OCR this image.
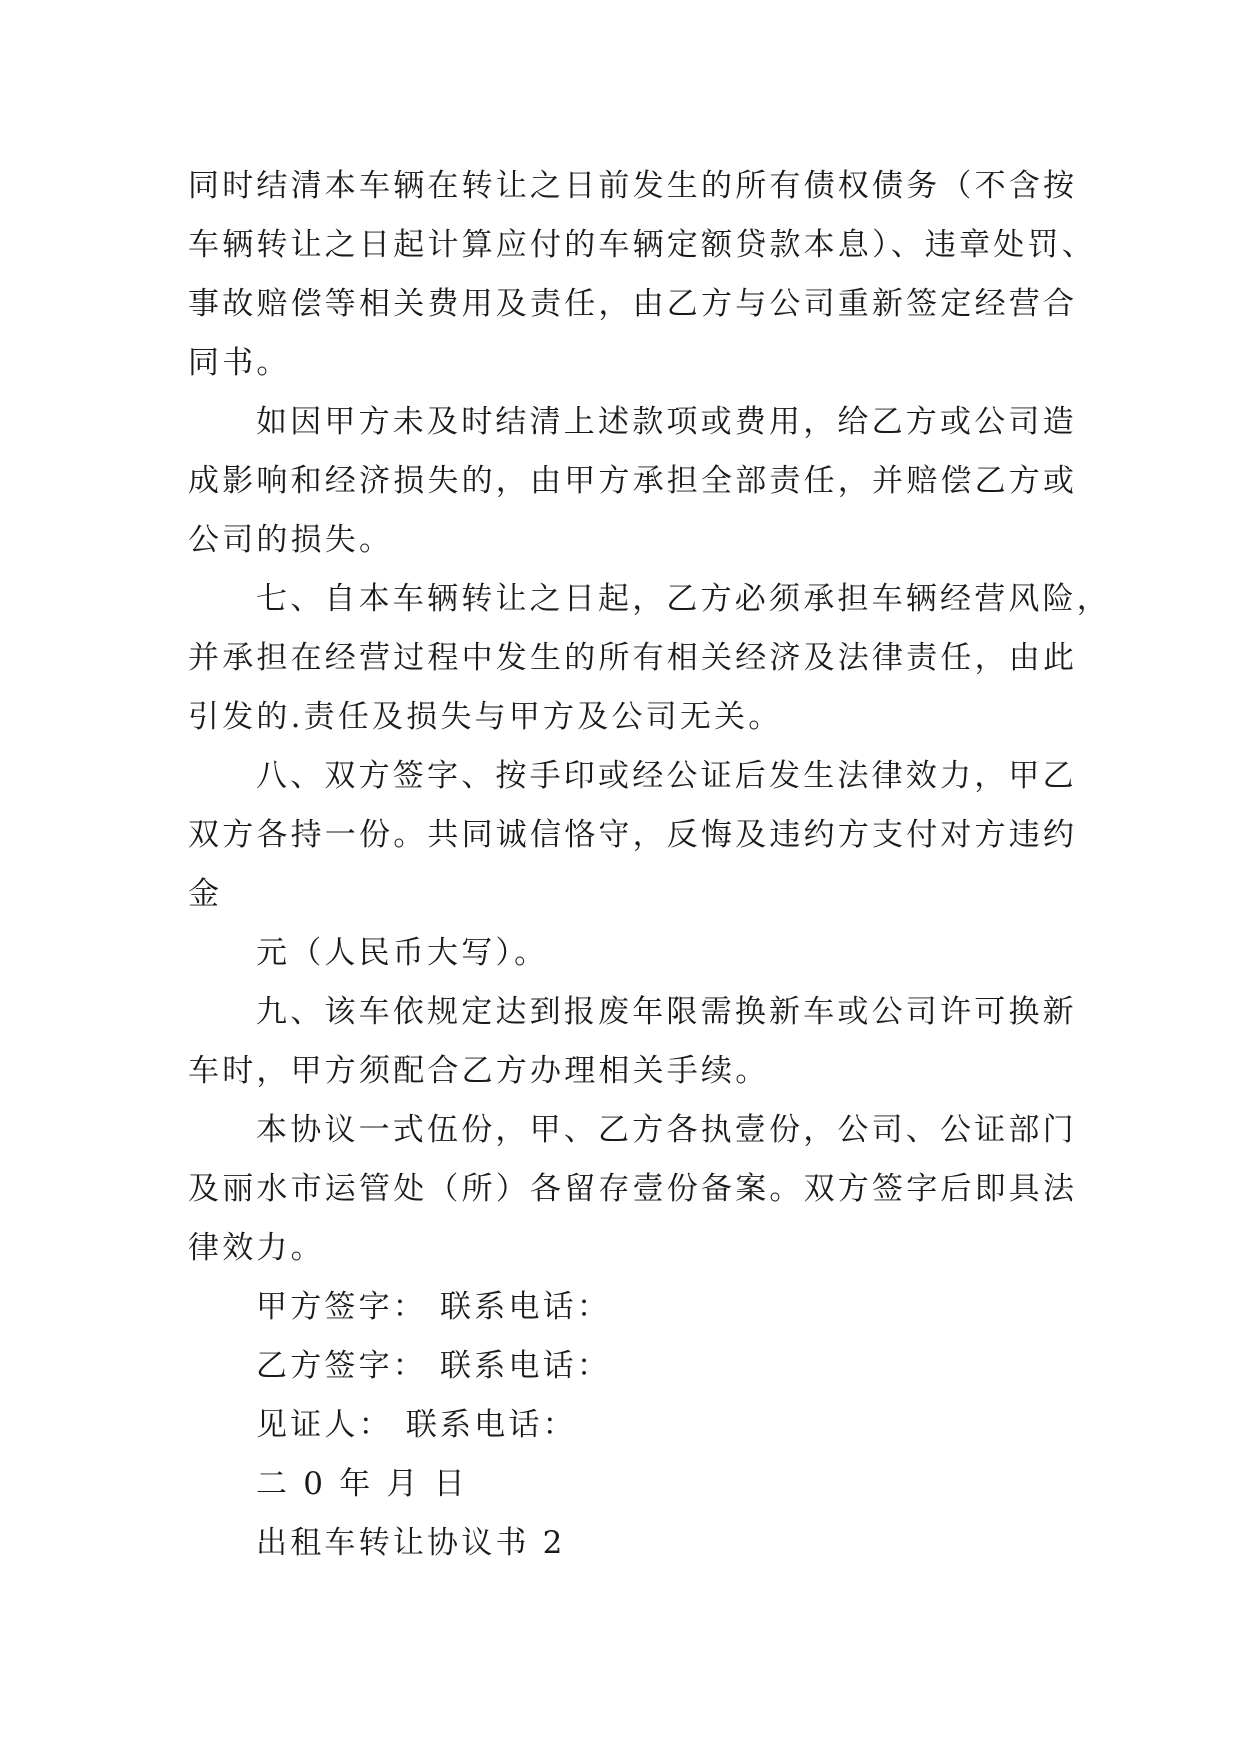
同时结清本车辆在转让之日前发生的所有债权债务（不含按

车辆转让之日起计算应付的车辆定额贷款本息）、违章处罚、

事故赔偿等相关费用及责任，由乙方与公司重新签定经营合

同书。

如因甲方未及时结清上述款项或费用，给乙方或公司造

成影响和经济损失的，由甲方承担全部责任，并赔偿乙方或

公司的损失。

七、自本车辆转让之日起，乙方必须承担车辆经营风险，

并承担在经营过程中发生的所有相关经济及法律责任，由此

引发的.责任及损失与甲方及公司无关。

八、双方签字、按手印或经公证后发生法律效力，甲乙

双方各持一份。共同诚信恪守，反悔及违约方支付对方违约

金

元（人民币大写）。

九、该车依规定达到报废年限需换新车或公司许可换新

车时，甲方须配合乙方办理相关手续。

本协议一式伍份，甲、乙方各执壹份，公司、公证部门

及丽水市运管处（所）各留存壹份备案。双方签字后即具法

律效力。

甲方签字： 联系电话：

乙方签字： 联系电话：

见证人： 联系电话：

二 0 年 月 日

出租车转让协议书 2
